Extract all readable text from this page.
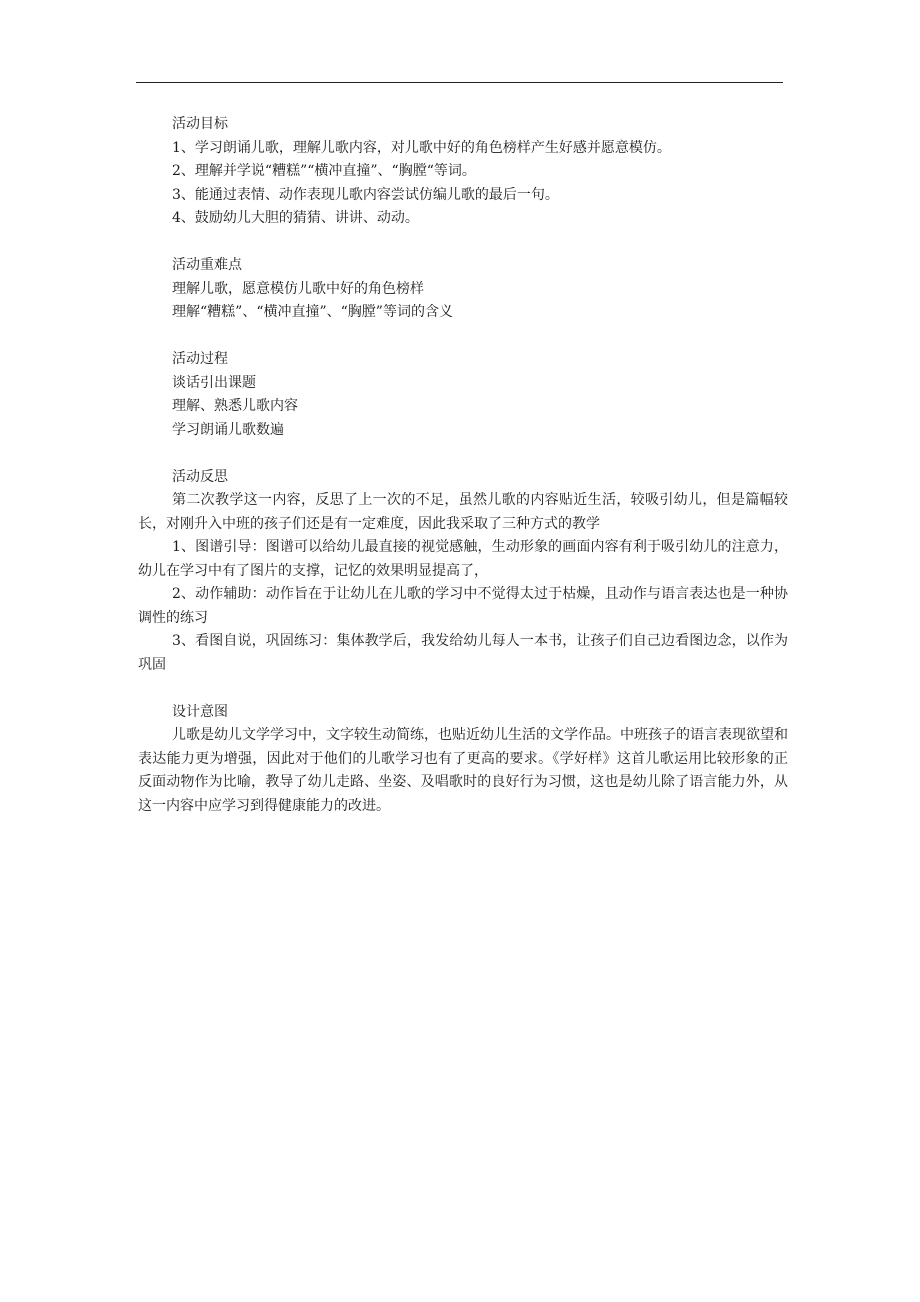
活动目标
1、学习朗诵儿歌，理解儿歌内容，对儿歌中好的角色榜样产生好感并愿意模仿。
2、理解并学说“糟糕”“横冲直撞”、“胸膛“等词。
3、能通过表情、动作表现儿歌内容尝试仿编儿歌的最后一句。
4、鼓励幼儿大胆的猜猜、讲讲、动动。
活动重难点
理解儿歌，愿意模仿儿歌中好的角色榜样
理解“糟糕”、“横冲直撞”、“胸膛”等词的含义
活动过程
谈话引出课题
理解、熟悉儿歌内容
学习朗诵儿歌数遍
活动反思

第二次教学这一内容，反思了上一次的不足，虽然儿歌的内容贴近生活，较吸引幼儿，但是篇幅较长，对刚升入中班的孩子们还是有一定难度，因此我采取了三种方式的教学

1、图谱引导：图谱可以给幼儿最直接的视觉感触，生动形象的画面内容有利于吸引幼儿的注意力，幼儿在学习中有了图片的支撑，记忆的效果明显提高了，

2、动作辅助：动作旨在于让幼儿在儿歌的学习中不觉得太过于枯燥，且动作与语言表达也是一种协调性的练习

3、看图自说，巩固练习：集体教学后，我发给幼儿每人一本书，让孩子们自己边看图边念，以作为巩固

设计意图

儿歌是幼儿文学学习中，文字较生动简练，也贴近幼儿生活的文学作品。中班孩子的语言表现欲望和表达能力更为增强，因此对于他们的儿歌学习也有了更高的要求。《学好样》这首儿歌运用比较形象的正反面动物作为比喻，教导了幼儿走路、坐姿、及唱歌时的良好行为习惯，这也是幼儿除了语言能力外，从这一内容中应学习到得健康能力的改进。
